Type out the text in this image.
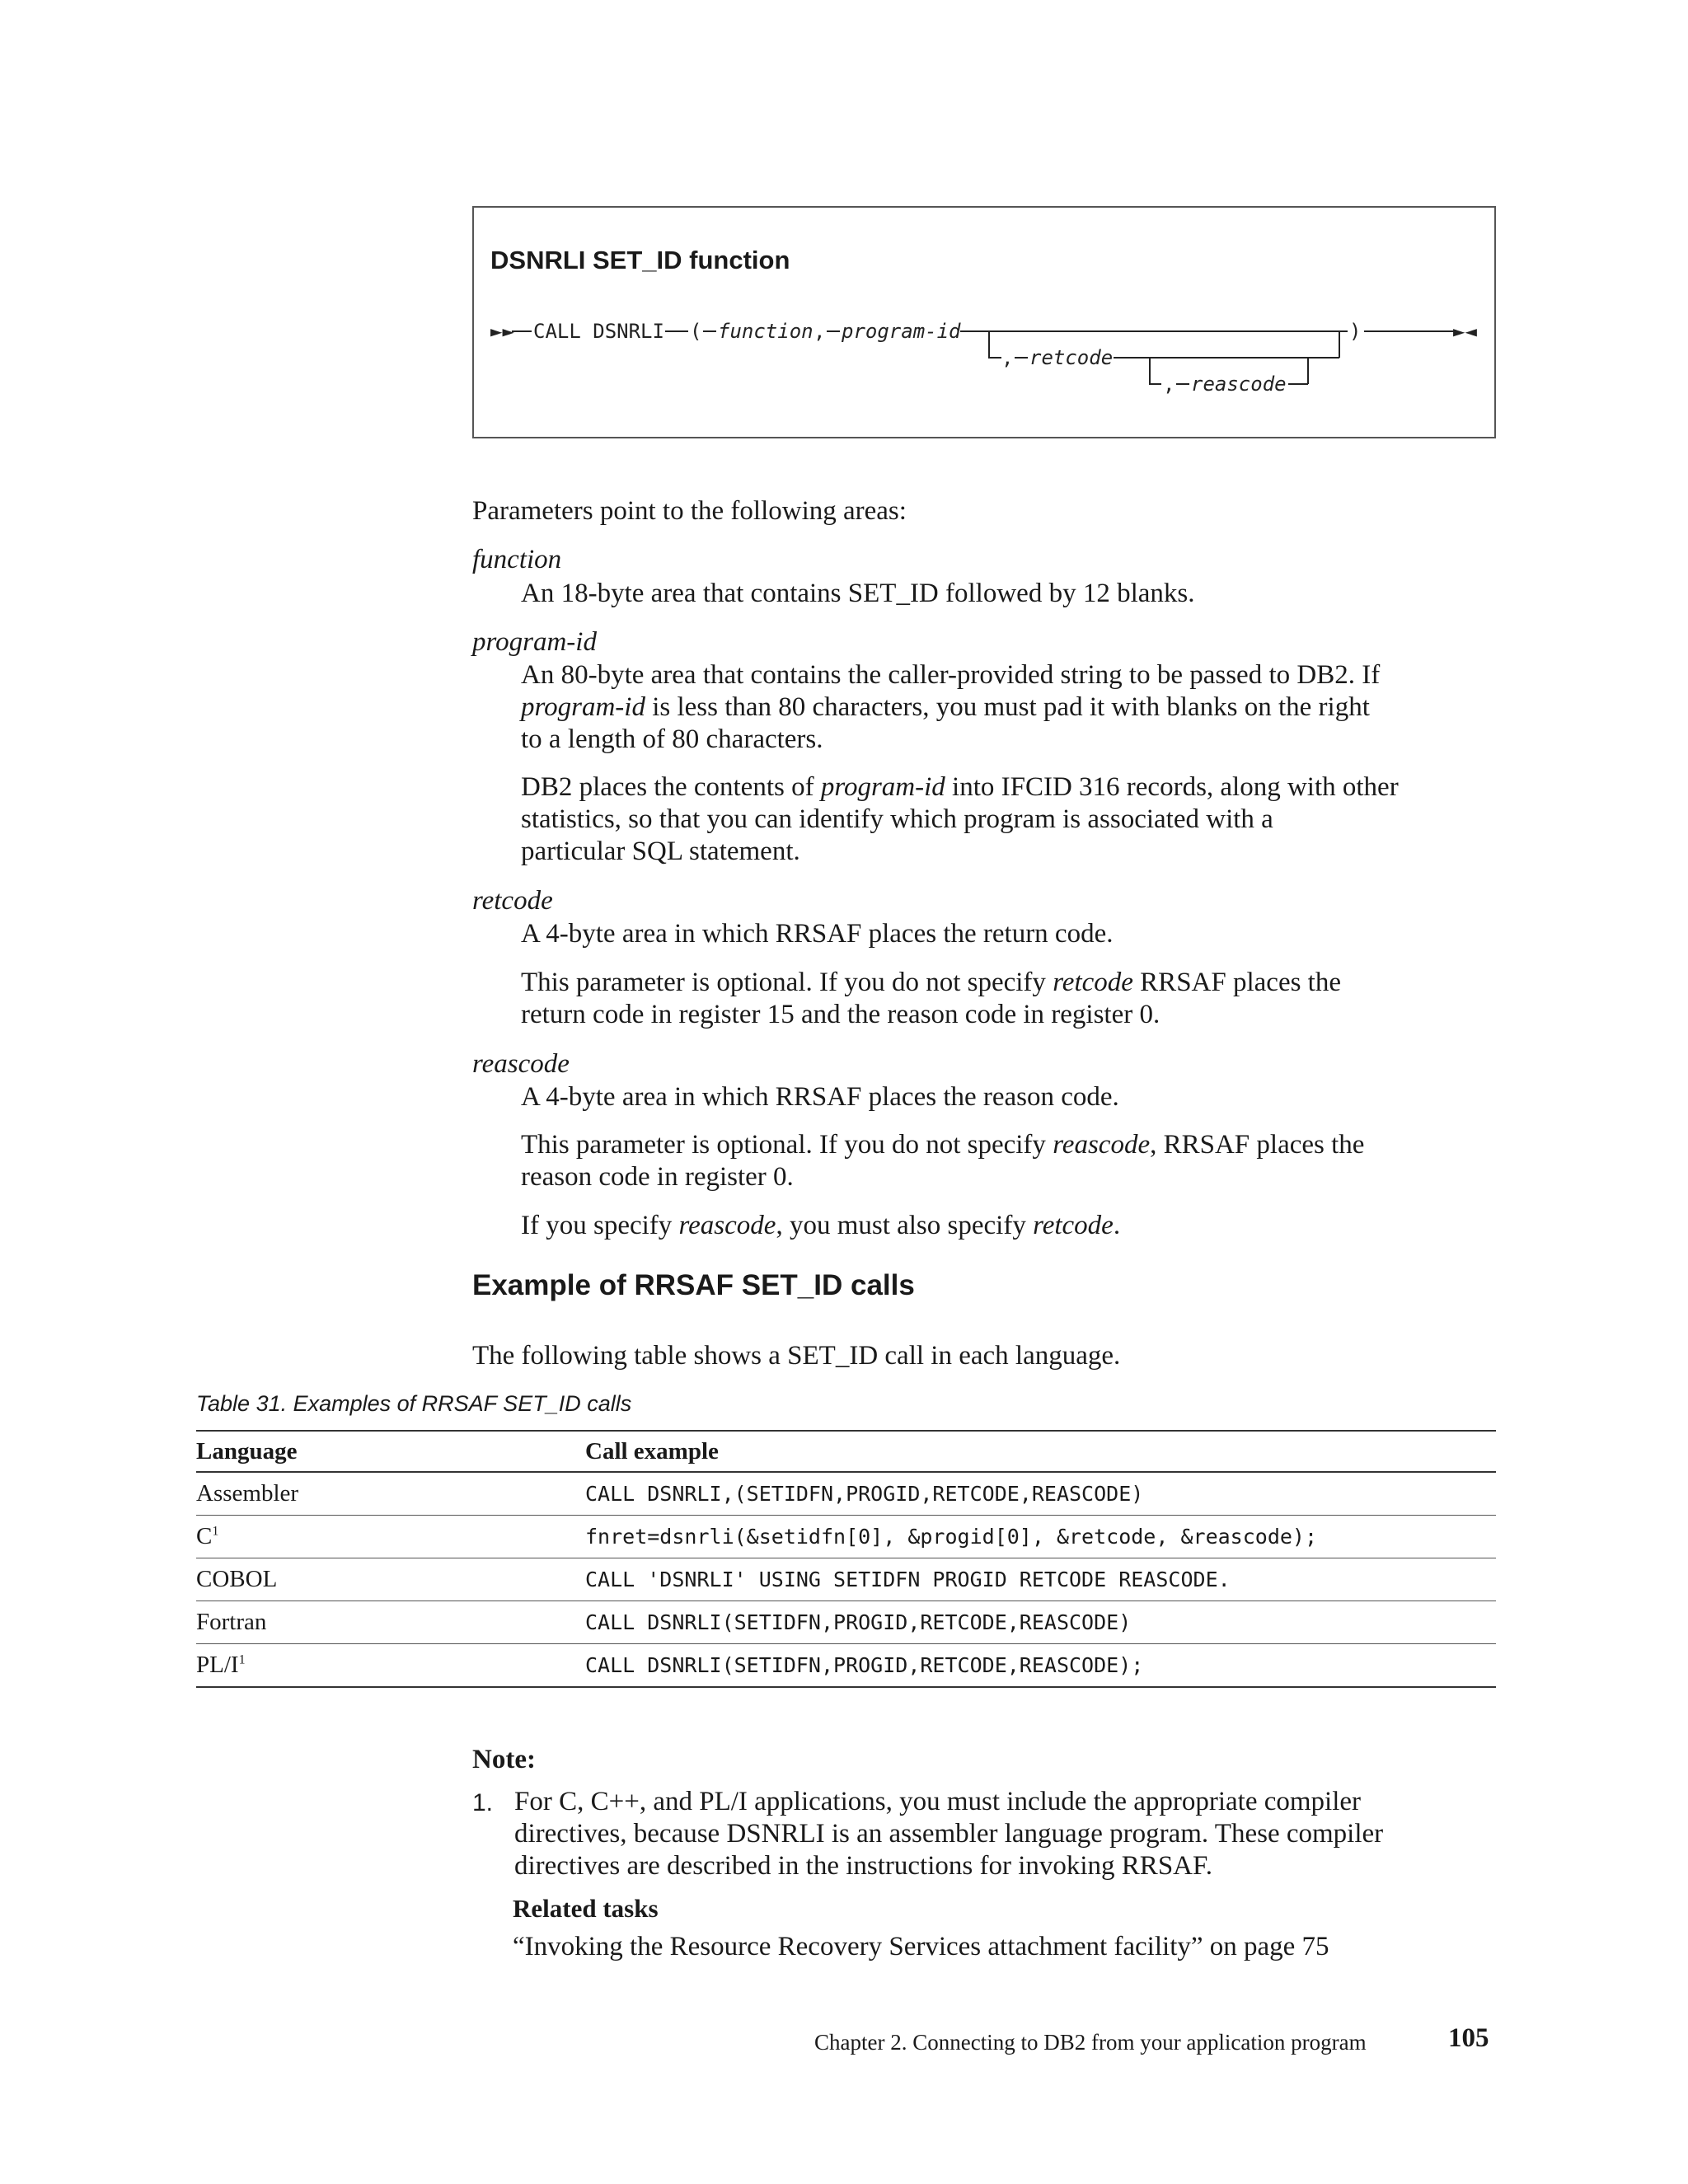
DSNRLI SET_ID function
►► CALL DSNRLI ( function , program-id	)	►◄
, retcode
, reascode
Parameters point to the following areas:
function
An 18-byte area that contains SET_ID followed by 12 blanks.
program-id
An 80-byte area that contains the caller-provided string to be passed to DB2. If
program-id is less than 80 characters, you must pad it with blanks on the right
to a length of 80 characters.
DB2 places the contents of program-id into IFCID 316 records, along with other
statistics, so that you can identify which program is associated with a
particular SQL statement.
retcode
A 4-byte area in which RRSAF places the return code.
This parameter is optional. If you do not specify retcode RRSAF places the
return code in register 15 and the reason code in register 0.
reascode
A 4-byte area in which RRSAF places the reason code.
This parameter is optional. If you do not specify reascode, RRSAF places the
reason code in register 0.
If you specify reascode, you must also specify retcode.
Example of RRSAF SET_ID calls
The following table shows a SET_ID call in each language.
Table 31. Examples of RRSAF SET_ID calls
Language	Call example
Assembler	CALL DSNRLI,(SETIDFN,PROGID,RETCODE,REASCODE)
$C^1$	fnret=dsnrli(&setidfn[0], &progid[0], &retcode, &reascode);
COBOL	CALL 'DSNRLI' USING SETIDFN PROGID RETCODE REASCODE.
Fortran	CALL DSNRLI(SETIDFN,PROGID,RETCODE,REASCODE)
$PL/I^1$	CALL DSNRLI(SETIDFN,PROGID,RETCODE,REASCODE);
Note:
1. For C, C++, and PL/I applications, you must include the appropriate compiler
directives, because DSNRLI is an assembler language program. These compiler
directives are described in the instructions for invoking RRSAF.
Related tasks
“Invoking the Resource Recovery Services attachment facility” on page 75
Chapter 2. Connecting to DB2 from your application program	105
